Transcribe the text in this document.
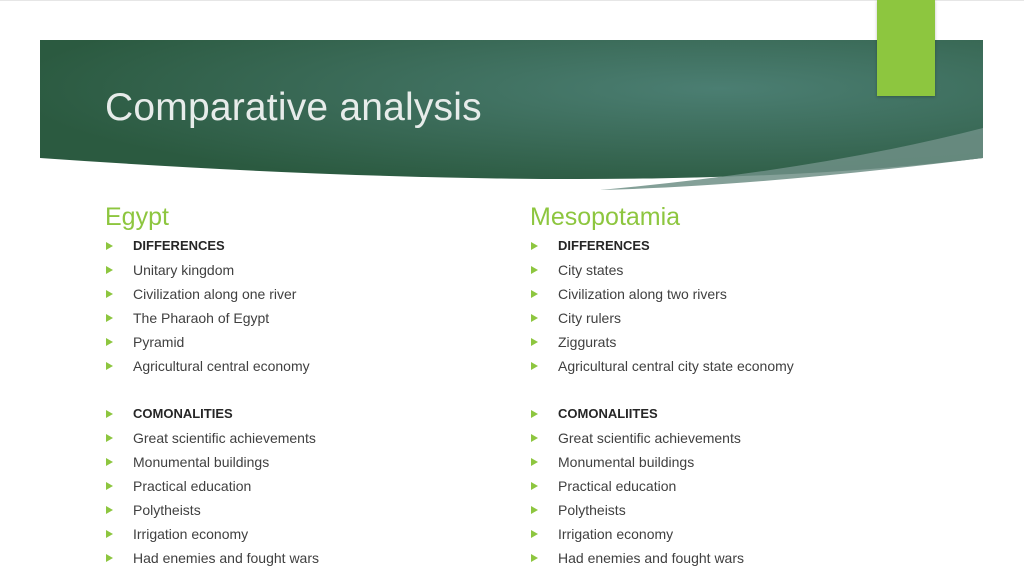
Comparative analysis
Egypt
DIFFERENCES
Unitary kingdom
Civilization along one river
The Pharaoh of Egypt
Pyramid
Agricultural central economy
COMONALITIES
Great scientific achievements
Monumental buildings
Practical education
Polytheists
Irrigation economy
Had enemies and fought wars
Mesopotamia
DIFFERENCES
City states
Civilization along two rivers
City rulers
Ziggurats
Agricultural central city state economy
COMONALIITES
Great scientific achievements
Monumental buildings
Practical education
Polytheists
Irrigation economy
Had enemies and fought wars
